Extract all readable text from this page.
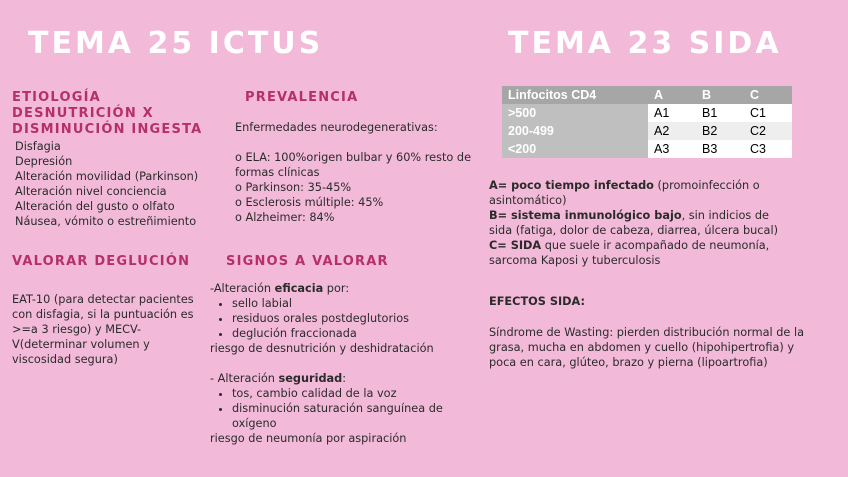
TEMA 25 ICTUS	TEMA 23 SIDA
ETIOLOGÍA
DESNUTRICIÓN X
DISMINUCIÓN INGESTA

Disfagia

Depresión

Alteración movilidad (Parkinson)

Alteración nivel conciencia

Alteración del gusto o olfato

Náusea, vómito o estreñimiento

PREVALENCIA
Enfermedades neurodegenerativas:
o ELA: 100%origen bulbar y 60% resto de formas clínicas
o Parkinson: 35-45%
o Esclerosis múltiple: 45%
o Alzheimer: 84%
VALORAR DEGLUCIÓN
EAT-10 (para detectar pacientes con disfagia, si la puntuación es >=a 3 riesgo) y MECV-V(determinar volumen y viscosidad segura)
SIGNOS A VALORAR

-Alteración eficacia por:

• sello labial
• residuos orales postdeglutorios
• deglución fraccionada

riesgo de desnutrición y deshidratación

- Alteración seguridad:

• tos, cambio calidad de la voz
• disminución saturación sanguínea de oxígeno

riesgo de neumonía por aspiración

Linfocitos CD4	A	B	C
>500	A1	B1	C1
200-499	A2	B2	C2
<200	A3	B3	C3

A= poco tiempo infectado (promoinfección o asintomático)

B= sistema inmunológico bajo, sin indicios de sida (fatiga, dolor de cabeza, diarrea, úlcera bucal)

C= SIDA que suele ir acompañado de neumonía, sarcoma Kaposi y tuberculosis

EFECTOS SIDA:
Síndrome de Wasting: pierden distribución normal de la grasa, mucha en abdomen y cuello (hipohipertrofia) y poca en cara, glúteo, brazo y pierna (lipoartrofia)
